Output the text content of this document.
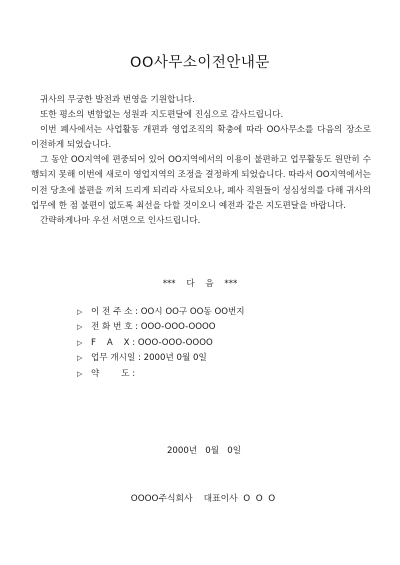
OO사무소이전안내문

귀사의 무궁한 발전과 번영을 기원합니다.

또한 평소의 변함없는 성원과 지도편달에 진심으로 감사드립니다.

이번 폐사에서는 사업활동 개편과 영업조직의 확충에 따라 OO사무소를 다음의 장소로 이전하게 되었습니다.

그 동안 OO지역에 편중되어 있어 OO지역에서의 이용이 불편하고 업무활동도 원만히 수행되지 못해 이번에 새로이 영업지역의 조정을 결정하게 되었습니다. 따라서 OO지역에서는 이전 당초에 불편을 끼쳐 드리게 되리라 사료되오나, 폐사 직원들이 성심성의를 다해 귀사의 업무에 한 점 불편이 없도록 최선을 다할 것이오니 예전과 같은 지도편달을 바랍니다.

간략하게나마 우선 서면으로 인사드립니다.

*** 다 음 ***
▷ 이 전 주 소 : OO시 OO구 OO동 OO번지
▷ 전 화 번 호 : OOO-OOO-OOOO
▷ F    A    X : OOO-OOO-OOOO
▷ 업무 개시일 : 2000년 0월 0일
▷ 약        도 :
2000년   0월   0일
OOOO주식회사    대표이사  O  O  O
